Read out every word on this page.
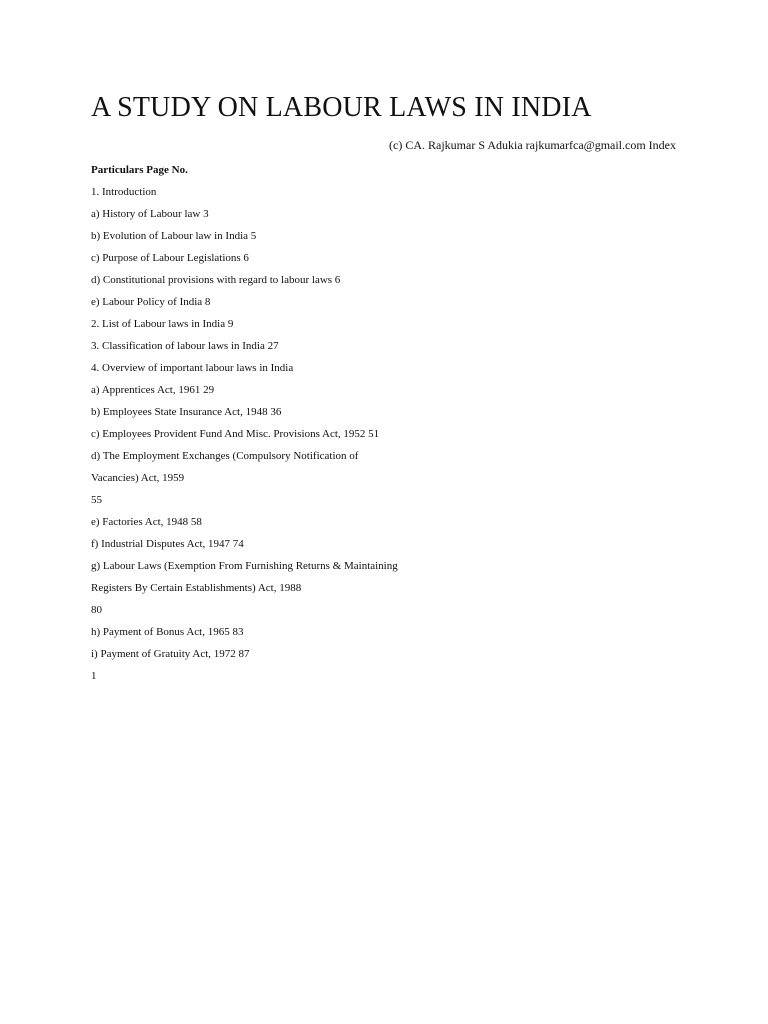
A STUDY ON LABOUR LAWS IN INDIA
(c) CA. Rajkumar S Adukia rajkumarfca@gmail.com Index
Particulars Page No.
1. Introduction
a) History of Labour law 3
b) Evolution of Labour law in India 5
c) Purpose of Labour Legislations 6
d) Constitutional provisions with regard to labour laws 6
e) Labour Policy of India 8
2. List of Labour laws in India 9
3. Classification of labour laws in India 27
4. Overview of important labour laws in India
a) Apprentices Act, 1961 29
b) Employees State Insurance Act, 1948 36
c) Employees Provident Fund And Misc. Provisions Act, 1952 51
d) The Employment Exchanges (Compulsory Notification of
Vacancies) Act, 1959
55
e) Factories Act, 1948 58
f) Industrial Disputes Act, 1947 74
g) Labour Laws (Exemption From Furnishing Returns & Maintaining
Registers By Certain Establishments) Act, 1988
80
h) Payment of Bonus Act, 1965 83
i) Payment of Gratuity Act, 1972 87
1
